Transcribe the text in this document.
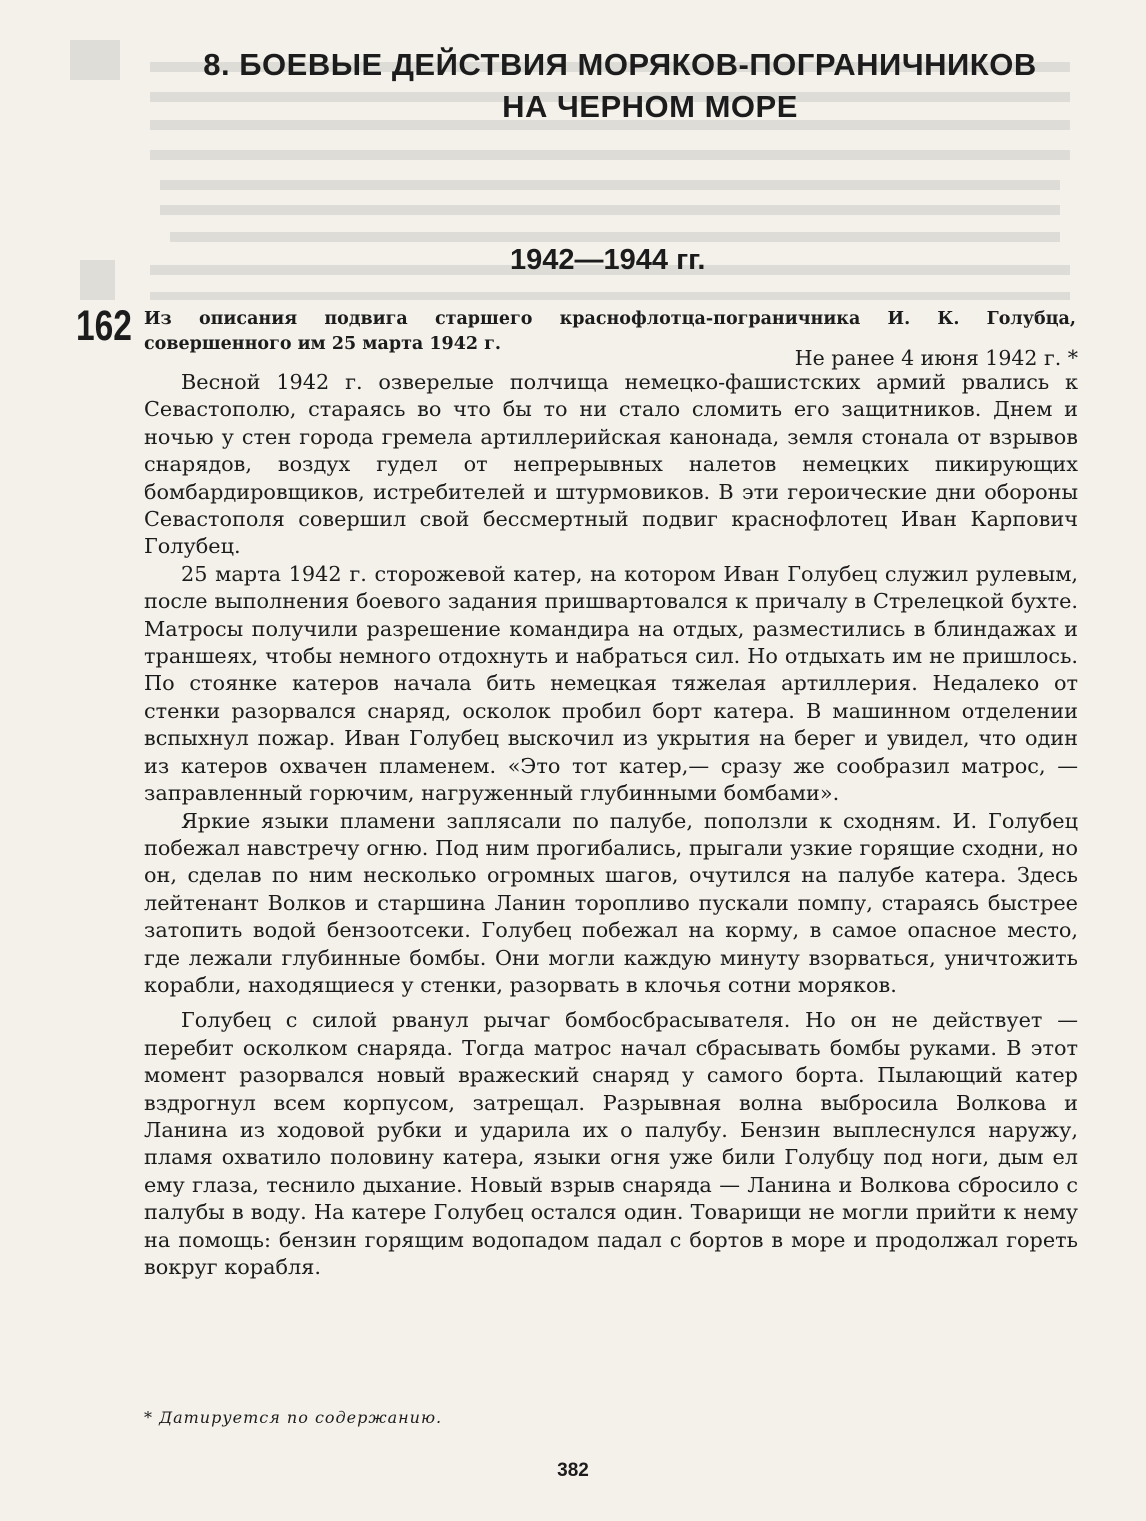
8. БОЕВЫЕ ДЕЙСТВИЯ МОРЯКОВ-ПОГРАНИЧНИКОВ
НА ЧЕРНОМ МОРЕ
1942—1944 гг.
162 Из описания подвига старшего краснофлотца-пограничника И. К. Голубца, совершенного им 25 марта 1942 г.
Не ранее 4 июня 1942 г. *

Весной 1942 г. озверелые полчища немецко-фашистских армий рвались к Севастополю, стараясь во что бы то ни стало сломить его защитников. Днем и ночью у стен города гремела артиллерийская канонада, земля стонала от взрывов снарядов, воздух гудел от непрерывных налетов немецких пикирующих бомбардировщиков, истребителей и штурмовиков. В эти героические дни обороны Севастополя совершил свой бессмертный подвиг краснофлотец Иван Карпович Голубец.

25 марта 1942 г. сторожевой катер, на котором Иван Голубец служил рулевым, после выполнения боевого задания пришвартовался к причалу в Стрелецкой бухте. Матросы получили разрешение командира на отдых, разместились в блиндажах и траншеях, чтобы немного отдохнуть и набраться сил. Но отдыхать им не пришлось. По стоянке катеров начала бить немецкая тяжелая артиллерия. Недалеко от стенки разорвался снаряд, осколок пробил борт катера. В машинном отделении вспыхнул пожар. Иван Голубец выскочил из укрытия на берег и увидел, что один из катеров охвачен пламенем. «Это тот катер,— сразу же сообразил матрос, — заправленный горючим, нагруженный глубинными бомбами».

Яркие языки пламени заплясали по палубе, поползли к сходням. И. Голубец побежал навстречу огню. Под ним прогибались, прыгали узкие горящие сходни, но он, сделав по ним несколько огромных шагов, очутился на палубе катера. Здесь лейтенант Волков и старшина Ланин торопливо пускали помпу, стараясь быстрее затопить водой бензоотсеки. Голубец побежал на корму, в самое опасное место, где лежали глубинные бомбы. Они могли каждую минуту взорваться, уничтожить корабли, находящиеся у стенки, разорвать в клочья сотни моряков.

Голубец с силой рванул рычаг бомбосбрасывателя. Но он не действует — перебит осколком снаряда. Тогда матрос начал сбрасывать бомбы руками. В этот момент разорвался новый вражеский снаряд у самого борта. Пылающий катер вздрогнул всем корпусом, затрещал. Разрывная волна выбросила Волкова и Ланина из ходовой рубки и ударила их о палубу. Бензин выплеснулся наружу, пламя охватило половину катера, языки огня уже били Голубцу под ноги, дым ел ему глаза, теснило дыхание. Новый взрыв снаряда — Ланина и Волкова сбросило с палубы в воду. На катере Голубец остался один. Товарищи не могли прийти к нему на помощь: бензин горящим водопадом падал с бортов в море и продолжал гореть вокруг корабля.

* Датируется по содержанию.
382
